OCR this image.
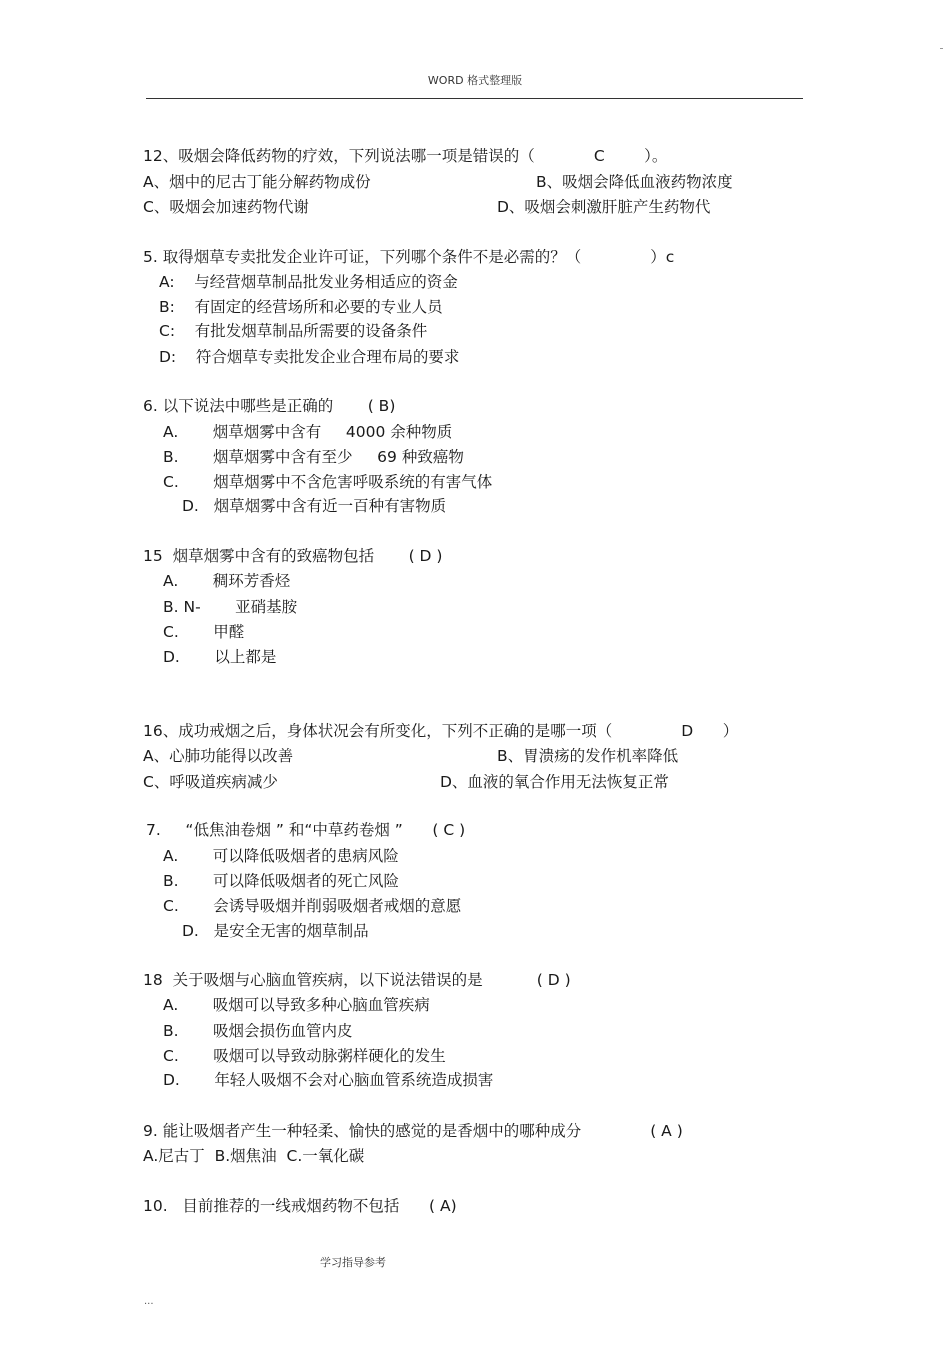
WORD 格式整理版
12、吸烟会降低药物的疗效，下列说法哪一项是错误的（            C        ）。
A、烟中的尼古丁能分解药物成份	B、吸烟会降低血液药物浓度
C、吸烟会加速药物代谢	D、吸烟会刺激肝脏产生药物代
5. 取得烟草专卖批发企业许可证，下列哪个条件不是必需的？（              ）c
A:    与经营烟草制品批发业务相适应的资金
B:    有固定的经营场所和必要的专业人员
C:    有批发烟草制品所需要的设备条件
D:    符合烟草专卖批发企业合理布局的要求
6. 以下说法中哪些是正确的       ( B)
A.       烟草烟雾中含有     4000 余种物质
B.       烟草烟雾中含有至少     69 种致癌物
C.       烟草烟雾中不含危害呼吸系统的有害气体
D.   烟草烟雾中含有近一百种有害物质
15  烟草烟雾中含有的致癌物包括       ( D )
A.       稠环芳香烃
B. N-       亚硝基胺
C.       甲醛
D.       以上都是
16、成功戒烟之后，身体状况会有所变化，下列不正确的是哪一项（              D      ）
A、心肺功能得以改善	B、胃溃疡的发作机率降低
C、呼吸道疾病减少	D、血液的氧合作用无法恢复正常
7.     “低焦油卷烟 ” 和“中草药卷烟 ”      ( C )
A.       可以降低吸烟者的患病风险
B.       可以降低吸烟者的死亡风险
C.       会诱导吸烟并削弱吸烟者戒烟的意愿
D.   是安全无害的烟草制品
18  关于吸烟与心脑血管疾病，以下说法错误的是           ( D )
A.       吸烟可以导致多种心脑血管疾病
B.       吸烟会损伤血管内皮
C.       吸烟可以导致动脉粥样硬化的发生
D.       年轻人吸烟不会对心脑血管系统造成损害
9. 能让吸烟者产生一种轻柔、愉快的感觉的是香烟中的哪种成分              ( A )
A.尼古丁  B.烟焦油  C.一氧化碳
10.   目前推荐的一线戒烟药物不包括      ( A)
学习指导参考
...
